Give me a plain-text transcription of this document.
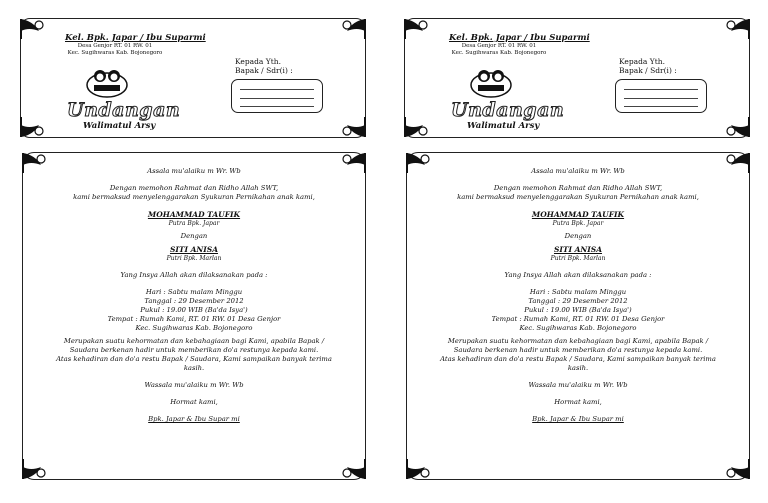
Kel. Bpk. Japar / Ibu Suparmi
Desa Genjor RT. 01 RW. 01
Kec. Sugihwaras Kab. Bojonegoro
Undangan
Walimatul Arsy
Kepada Yth.
Bapak / Sdr(i) :

Assala mu'alaiku m Wr. Wb

Dengan memohon Rahmat dan Ridho Allah SWT,

kami bermaksud menyelenggarakan Syukuran Pernikahan anak kami,

MOHAMMAD TAUFIK

Putra Bpk. Japar

Dengan

SITI ANISA

Putri Bpk. Marlan

Yang Insya Allah akan dilaksanakan pada :

Hari : Sabtu malam Minggu

Tanggal : 29 Desember 2012

Pukul : 19.00 WIB (Ba'da Isya')

Tempat : Rumah Kami, RT. 01 RW. 01 Desa Genjor

Kec. Sugihwaras Kab. Bojonegoro

Merupakan suatu kehormatan dan kebahagiaan bagi Kami, apabila Bapak /

Saudara berkenan hadir untuk memberikan do'a restunya kepada kami.

Atas kehadiran dan do'a restu Bapak / Saudara, Kami sampaikan banyak terima

kasih.

Wassala mu'alaiku m Wr. Wb

Hormat kami,

Bpk. Japar & Ibu Supar mi

Kel. Bpk. Japar / Ibu Suparmi
Desa Genjor RT. 01 RW. 01
Kec. Sugihwaras Kab. Bojonegoro
Undangan
Walimatul Arsy
Kepada Yth.
Bapak / Sdr(i) :

Assala mu'alaiku m Wr. Wb

Dengan memohon Rahmat dan Ridho Allah SWT,

kami bermaksud menyelenggarakan Syukuran Pernikahan anak kami,

MOHAMMAD TAUFIK

Putra Bpk. Japar

Dengan

SITI ANISA

Putri Bpk. Marlan

Yang Insya Allah akan dilaksanakan pada :

Hari : Sabtu malam Minggu

Tanggal : 29 Desember 2012

Pukul : 19.00 WIB (Ba'da Isya')

Tempat : Rumah Kami, RT. 01 RW. 01 Desa Genjor

Kec. Sugihwaras Kab. Bojonegoro

Merupakan suatu kehormatan dan kebahagiaan bagi Kami, apabila Bapak /

Saudara berkenan hadir untuk memberikan do'a restunya kepada kami.

Atas kehadiran dan do'a restu Bapak / Saudara, Kami sampaikan banyak terima

kasih.

Wassala mu'alaiku m Wr. Wb

Hormat kami,

Bpk. Japar & Ibu Supar mi
